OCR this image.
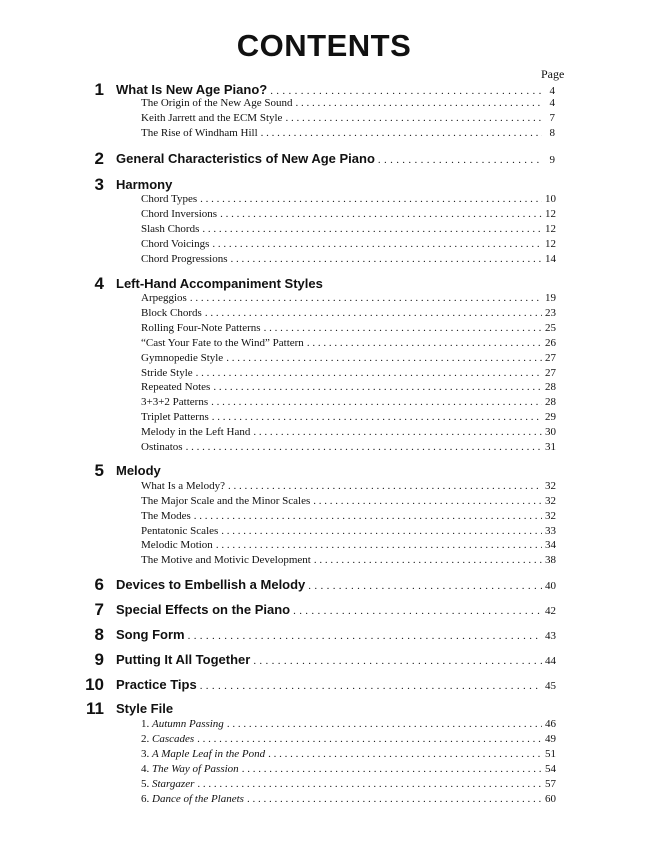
CONTENTS
Page
1 What Is New Age Piano? . . .	4
The Origin of the New Age Sound . . .	4
Keith Jarrett and the ECM Style . . .	7
The Rise of Windham Hill . . .	8
2 General Characteristics of New Age Piano . . .	9
3 Harmony
Chord Types . . .	10
Chord Inversions . . .	12
Slash Chords . . .	12
Chord Voicings . . .	12
Chord Progressions . . .	14
4 Left-Hand Accompaniment Styles
Arpeggios . . .	19
Block Chords . . .	23
Rolling Four-Note Patterns . . .	25
“Cast Your Fate to the Wind” Pattern . . .	26
Gymnopedie Style . . .	27
Stride Style . . .	27
Repeated Notes . . .	28
3+3+2 Patterns . . .	28
Triplet Patterns . . .	29
Melody in the Left Hand . . .	30
Ostinatos . . .	31
5 Melody
What Is a Melody? . . .	32
The Major Scale and the Minor Scales . . .	32
The Modes . . .	32
Pentatonic Scales . . .	33
Melodic Motion . . .	34
The Motive and Motivic Development . . .	38
6 Devices to Embellish a Melody . . .	40
7 Special Effects on the Piano . . .	42
8 Song Form . . .	43
9 Putting It All Together . . .	44
10 Practice Tips . . .	45
11 Style File
1. Autumn Passing . . .	46
2. Cascades . . .	49
3. A Maple Leaf in the Pond . . .	51
4. The Way of Passion . . .	54
5. Stargazer . . .	57
6. Dance of the Planets . . .	60
